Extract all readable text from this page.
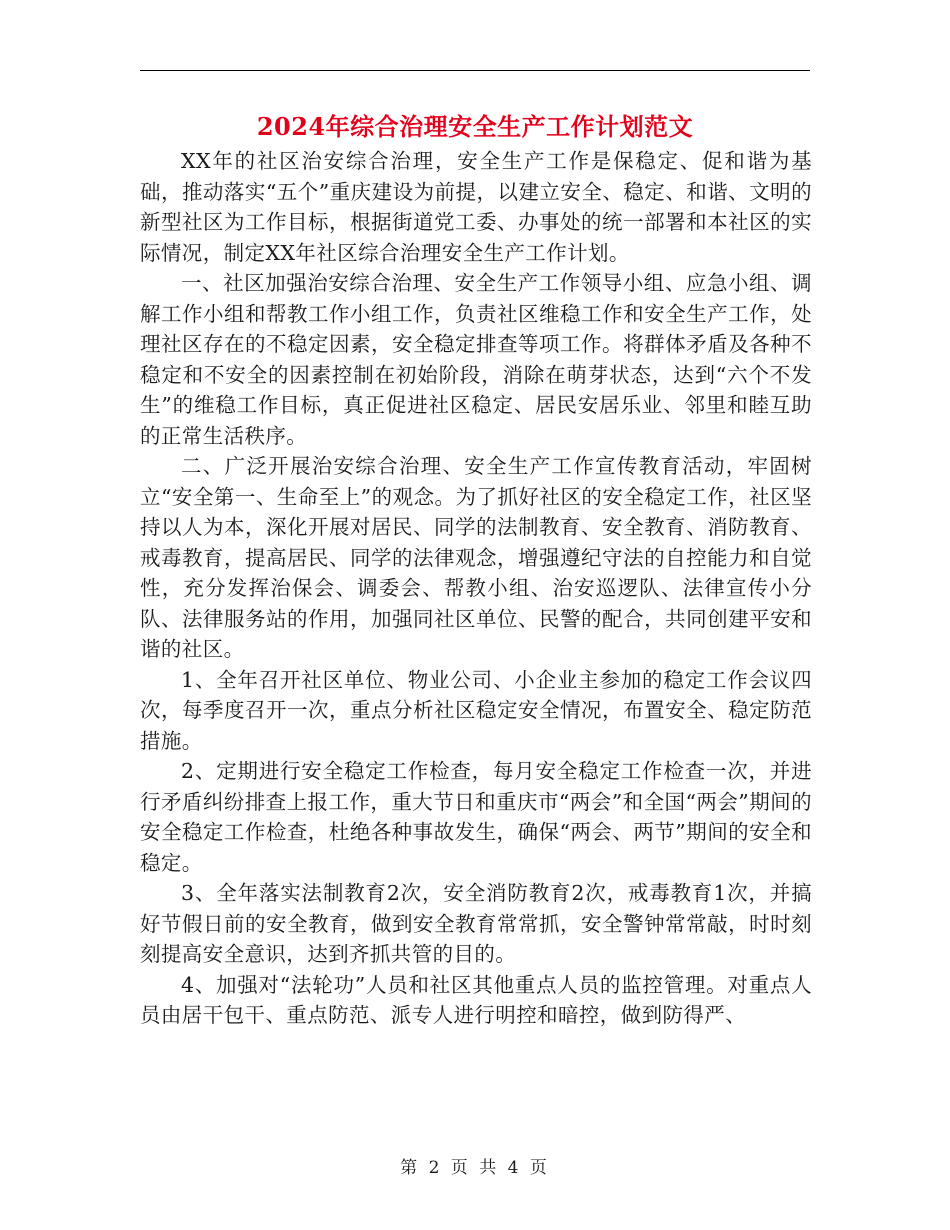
2024年综合治理安全生产工作计划范文

XX年的社区治安综合治理，安全生产工作是保稳定、促和谐为基础，推动落实“五个”重庆建设为前提，以建立安全、稳定、和谐、文明的新型社区为工作目标，根据街道党工委、办事处的统一部署和本社区的实际情况，制定XX年社区综合治理安全生产工作计划。

一、社区加强治安综合治理、安全生产工作领导小组、应急小组、调解工作小组和帮教工作小组工作，负责社区维稳工作和安全生产工作，处理社区存在的不稳定因素，安全稳定排查等项工作。将群体矛盾及各种不稳定和不安全的因素控制在初始阶段，消除在萌芽状态，达到“六个不发生”的维稳工作目标，真正促进社区稳定、居民安居乐业、邻里和睦互助的正常生活秩序。

二、广泛开展治安综合治理、安全生产工作宣传教育活动，牢固树立“安全第一、生命至上”的观念。为了抓好社区的安全稳定工作，社区坚持以人为本，深化开展对居民、同学的法制教育、安全教育、消防教育、戒毒教育，提高居民、同学的法律观念，增强遵纪守法的自控能力和自觉性，充分发挥治保会、调委会、帮教小组、治安巡逻队、法律宣传小分队、法律服务站的作用，加强同社区单位、民警的配合，共同创建平安和谐的社区。

1、全年召开社区单位、物业公司、小企业主参加的稳定工作会议四次，每季度召开一次，重点分析社区稳定安全情况，布置安全、稳定防范措施。

2、定期进行安全稳定工作检查，每月安全稳定工作检查一次，并进行矛盾纠纷排查上报工作，重大节日和重庆市“两会”和全国“两会”期间的安全稳定工作检查，杜绝各种事故发生，确保“两会、两节”期间的安全和稳定。

3、全年落实法制教育2次，安全消防教育2次，戒毒教育1次，并搞好节假日前的安全教育，做到安全教育常常抓，安全警钟常常敲，时时刻刻提高安全意识，达到齐抓共管的目的。

4、加强对“法轮功”人员和社区其他重点人员的监控管理。对重点人员由居干包干、重点防范、派专人进行明控和暗控，做到防得严、

第 2 页 共 4 页
